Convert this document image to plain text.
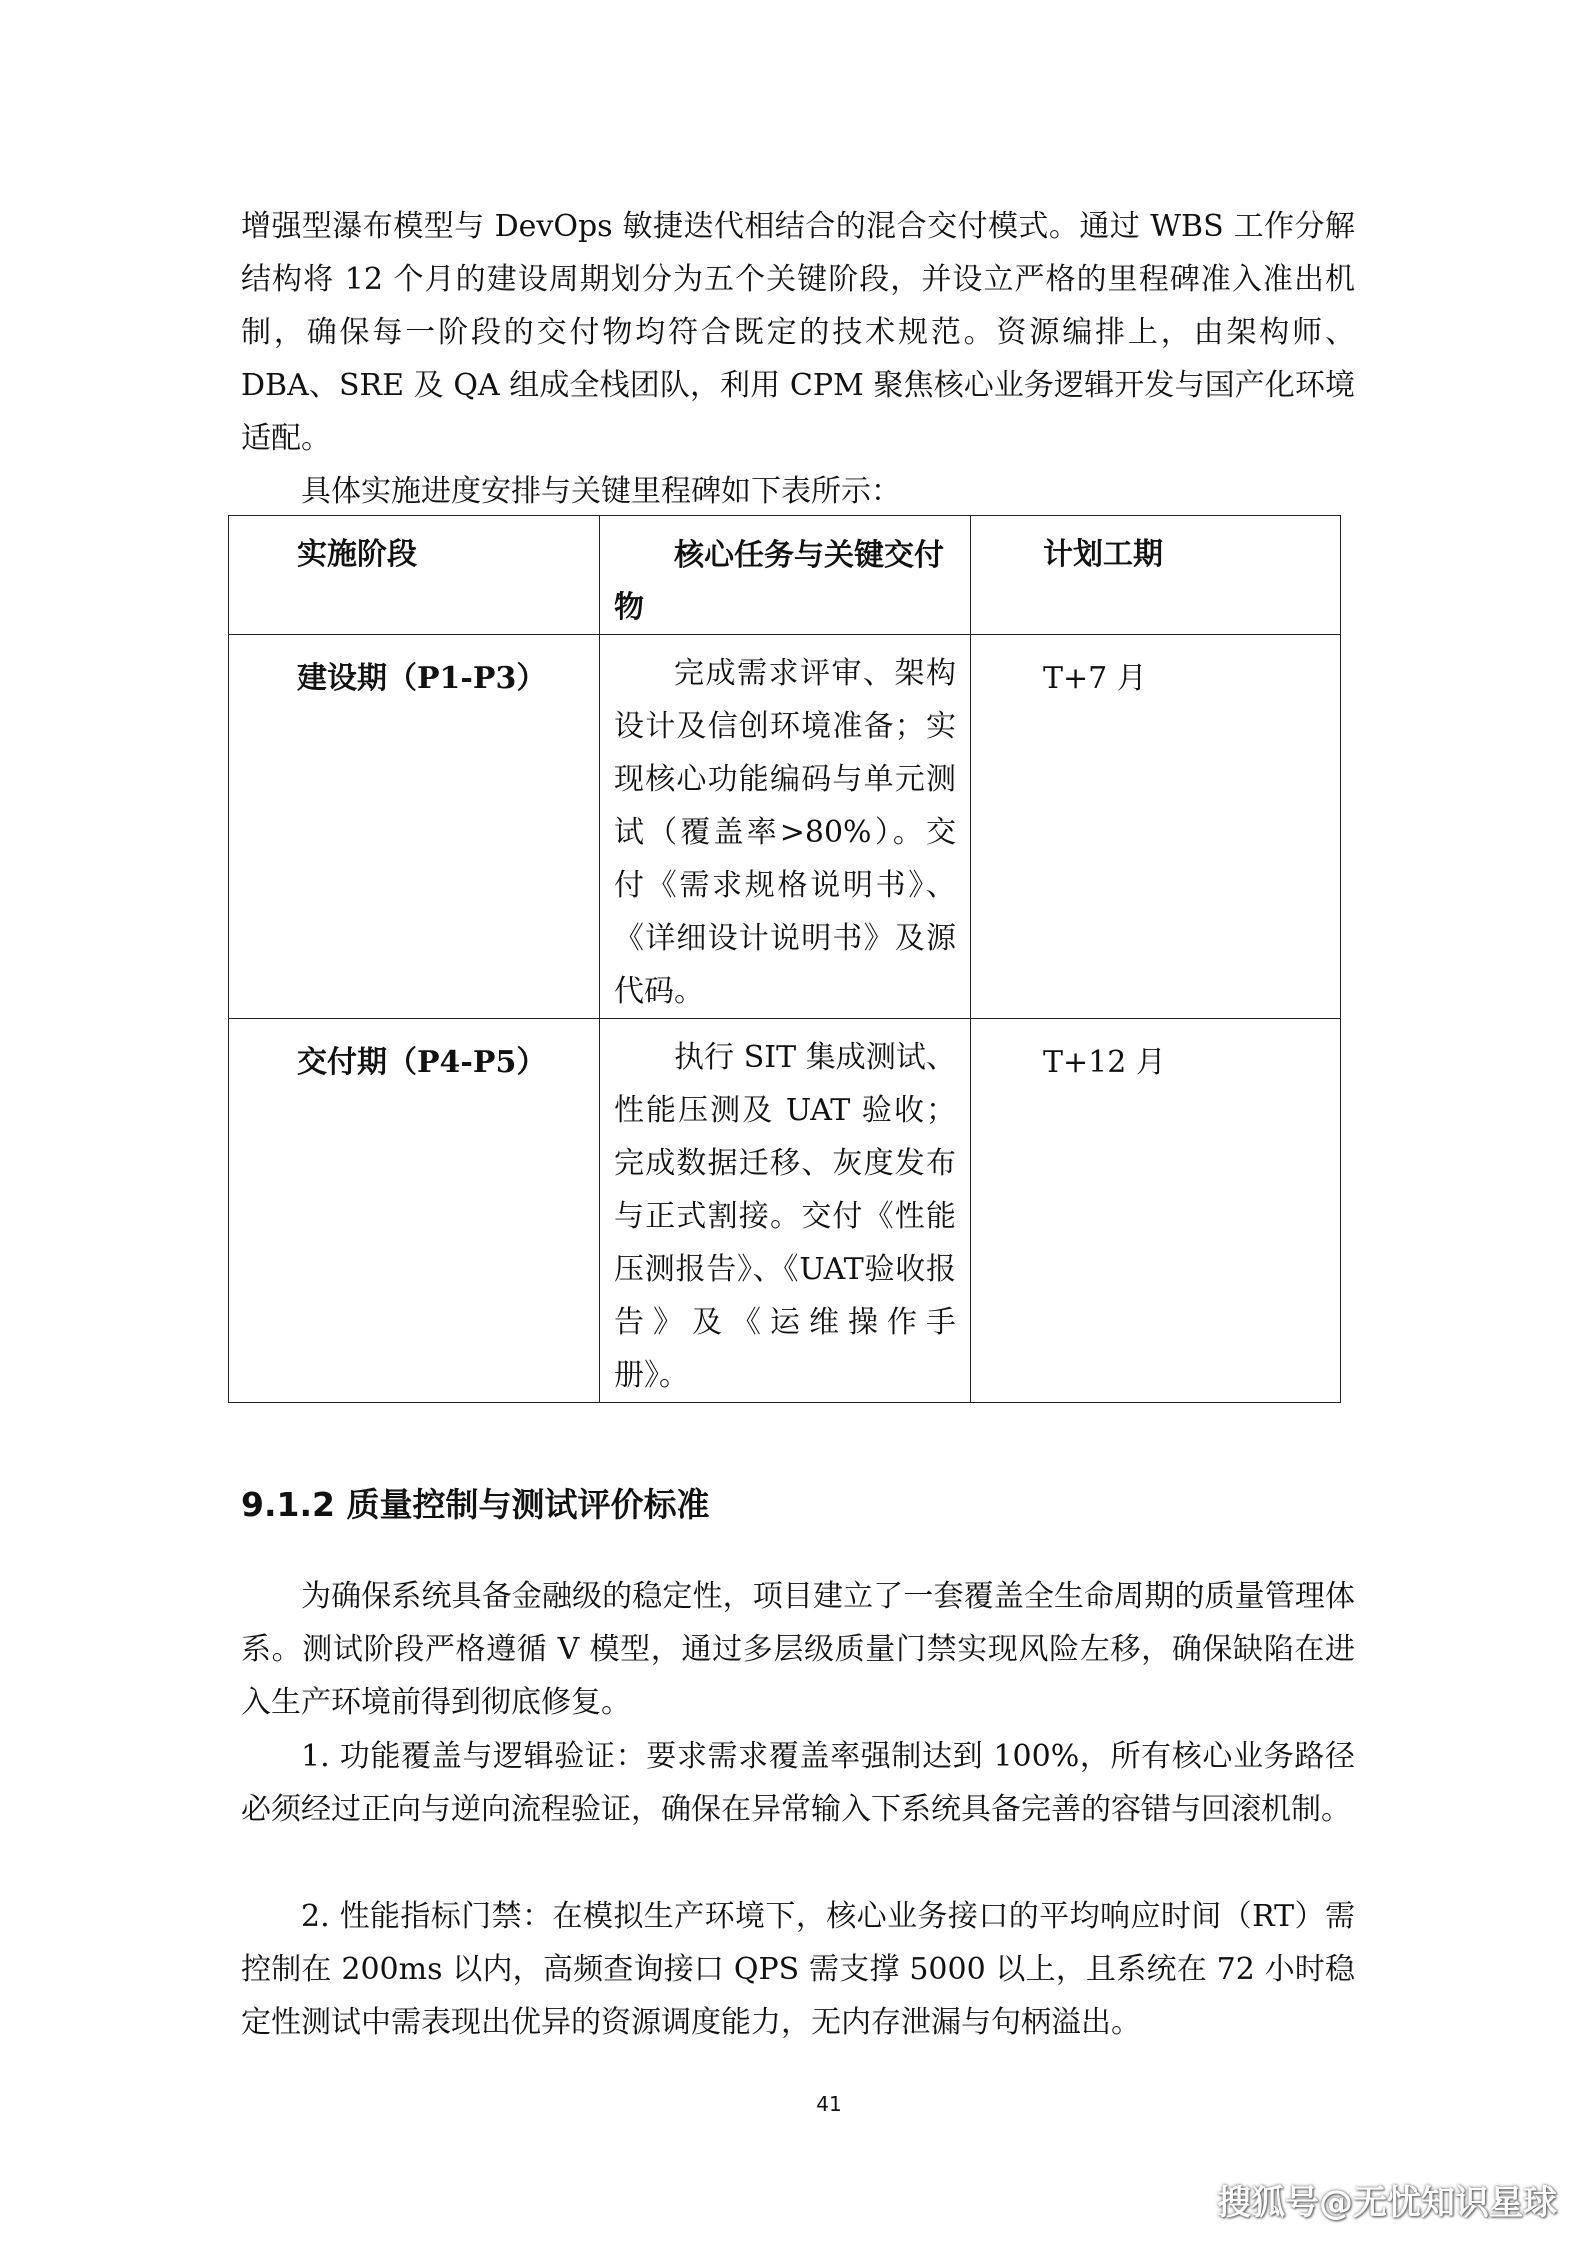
增强型瀑布模型与 DevOps 敏捷迭代相结合的混合交付模式。通过 WBS 工作分解结构将 12 个月的建设周期划分为五个关键阶段，并设立严格的里程碑准入准出机制，确保每一阶段的交付物均符合既定的技术规范。资源编排上，由架构师、DBA、SRE 及 QA 组成全栈团队，利用 CPM 聚焦核心业务逻辑开发与国产化环境适配。

具体实施进度安排与关键里程碑如下表所示：

实施阶段	核心任务与关键交付物	计划工期

建设期（P1-P3）	完成需求评审、架构设计及信创环境准备；实现核心功能编码与单元测试（覆盖率>80%）。交付《需求规格说明书》、《详细设计说明书》及源代码。	T+7 月

交付期（P4-P5）	执行 SIT 集成测试、性能压测及 UAT 验收；完成数据迁移、灰度发布与正式割接。交付《性能压测报告》、《UAT验收报告》及《运维操作手册》。	T+12 月
9.1.2 质量控制与测试评价标准

为确保系统具备金融级的稳定性，项目建立了一套覆盖全生命周期的质量管理体系。测试阶段严格遵循 V 模型，通过多层级质量门禁实现风险左移，确保缺陷在进入生产环境前得到彻底修复。

1. 功能覆盖与逻辑验证：要求需求覆盖率强制达到 100%，所有核心业务路径必须经过正向与逆向流程验证，确保在异常输入下系统具备完善的容错与回滚机制。

2. 性能指标门禁：在模拟生产环境下，核心业务接口的平均响应时间（RT）需控制在 200ms 以内，高频查询接口 QPS 需支撑 5000 以上，且系统在 72 小时稳定性测试中需表现出优异的资源调度能力，无内存泄漏与句柄溢出。

41
搜狐号@无忧知识星球
